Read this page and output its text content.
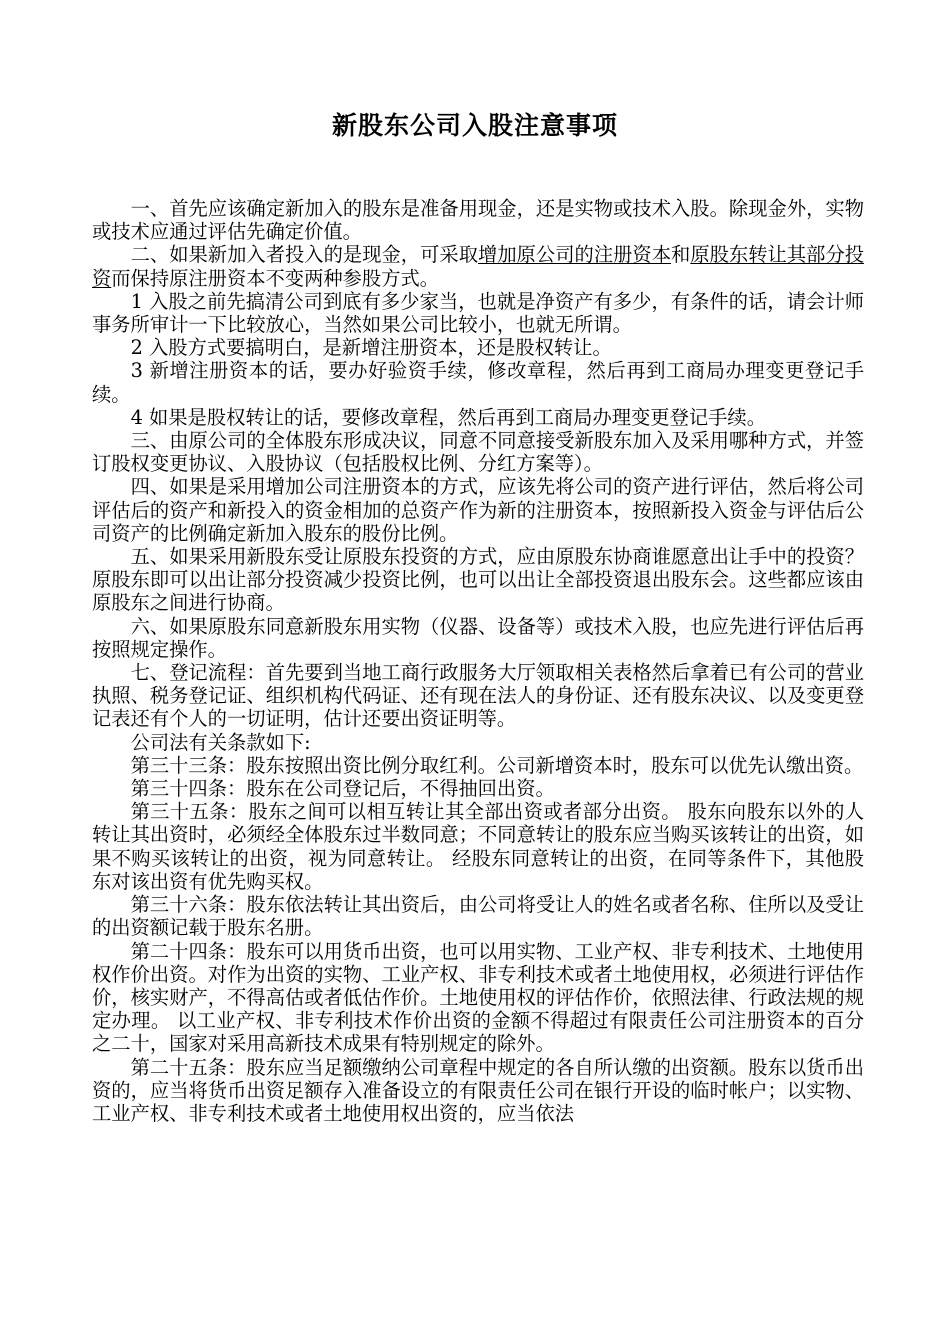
新股东公司入股注意事项

一、首先应该确定新加入的股东是准备用现金，还是实物或技术入股。除现金外，实物或技术应通过评估先确定价值。

二、如果新加入者投入的是现金，可采取增加原公司的注册资本和原股东转让其部分投资而保持原注册资本不变两种参股方式。

1 入股之前先搞清公司到底有多少家当，也就是净资产有多少，有条件的话，请会计师事务所审计一下比较放心，当然如果公司比较小，也就无所谓。

2 入股方式要搞明白，是新增注册资本，还是股权转让。

3 新增注册资本的话，要办好验资手续，修改章程，然后再到工商局办理变更登记手续。

4 如果是股权转让的话，要修改章程，然后再到工商局办理变更登记手续。

三、由原公司的全体股东形成决议，同意不同意接受新股东加入及采用哪种方式，并签订股权变更协议、入股协议（包括股权比例、分红方案等）。

四、如果是采用增加公司注册资本的方式，应该先将公司的资产进行评估，然后将公司评估后的资产和新投入的资金相加的总资产作为新的注册资本，按照新投入资金与评估后公司资产的比例确定新加入股东的股份比例。

五、如果采用新股东受让原股东投资的方式，应由原股东协商谁愿意出让手中的投资？原股东即可以出让部分投资减少投资比例，也可以出让全部投资退出股东会。这些都应该由原股东之间进行协商。

六、如果原股东同意新股东用实物（仪器、设备等）或技术入股，也应先进行评估后再按照规定操作。

七、登记流程：首先要到当地工商行政服务大厅领取相关表格然后拿着已有公司的营业执照、税务登记证、组织机构代码证、还有现在法人的身份证、还有股东决议、以及变更登记表还有个人的一切证明，估计还要出资证明等。

公司法有关条款如下:

第三十三条：股东按照出资比例分取红利。公司新增资本时，股东可以优先认缴出资。

第三十四条：股东在公司登记后，不得抽回出资。

第三十五条：股东之间可以相互转让其全部出资或者部分出资。 股东向股东以外的人转让其出资时，必须经全体股东过半数同意；不同意转让的股东应当购买该转让的出资，如果不购买该转让的出资，视为同意转让。 经股东同意转让的出资，在同等条件下，其他股东对该出资有优先购买权。

第三十六条：股东依法转让其出资后，由公司将受让人的姓名或者名称、住所以及受让的出资额记载于股东名册。

第二十四条：股东可以用货币出资，也可以用实物、工业产权、非专利技术、土地使用权作价出资。对作为出资的实物、工业产权、非专利技术或者土地使用权，必须进行评估作价，核实财产，不得高估或者低估作价。土地使用权的评估作价，依照法律、行政法规的规定办理。 以工业产权、非专利技术作价出资的金额不得超过有限责任公司注册资本的百分之二十，国家对采用高新技术成果有特别规定的除外。

第二十五条：股东应当足额缴纳公司章程中规定的各自所认缴的出资额。股东以货币出资的，应当将货币出资足额存入准备设立的有限责任公司在银行开设的临时帐户；以实物、工业产权、非专利技术或者土地使用权出资的，应当依法
